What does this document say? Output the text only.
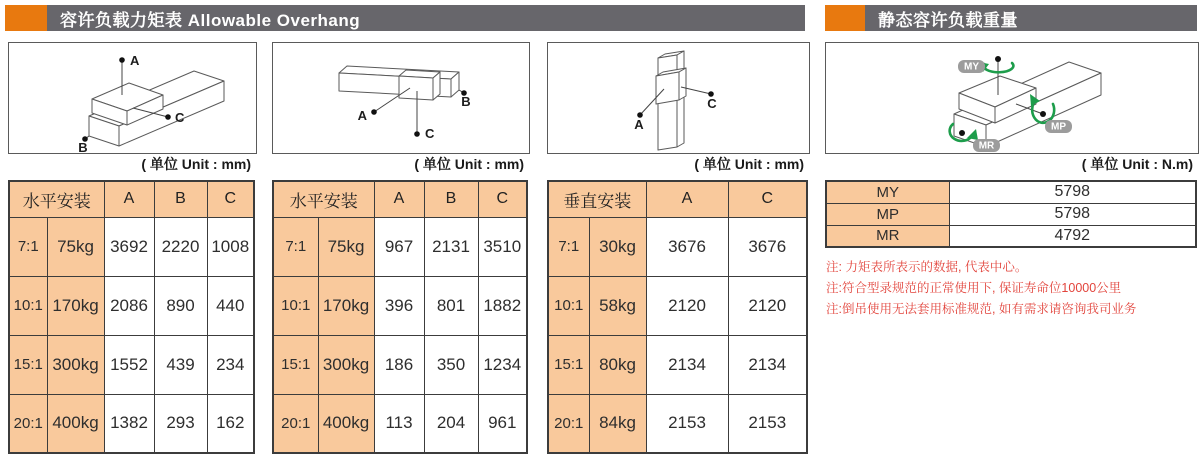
容许负载力矩表 Allowable Overhang	静态容许负载重量
A
C
B
A
B
C
A
C
MY
MP
MR
( 单位 Unit : mm)	( 单位 Unit : mm)	( 单位 Unit : mm)	( 单位 Unit : N.m)
水平安装		A	B	C
7:1	75kg	3692	2220	1008
10:1	170kg	2086	890	440
15:1	300kg	1552	439	234
20:1	400kg	1382	293	162
水平安装		A	B	C
7:1	75kg	967	2131	3510
10:1	170kg	396	801	1882
15:1	300kg	186	350	1234
20:1	400kg	113	204	961
垂直安装		A	C
7:1	30kg	3676	3676
10:1	58kg	2120	2120
15:1	80kg	2134	2134
20:1	84kg	2153	2153
MY	5798
MP	5798
MR	4792
注: 力矩表所表示的数据, 代表中心。
注:符合型录规范的正常使用下, 保证寿命位10000公里
注:倒吊使用无法套用标准规范, 如有需求请咨询我司业务
